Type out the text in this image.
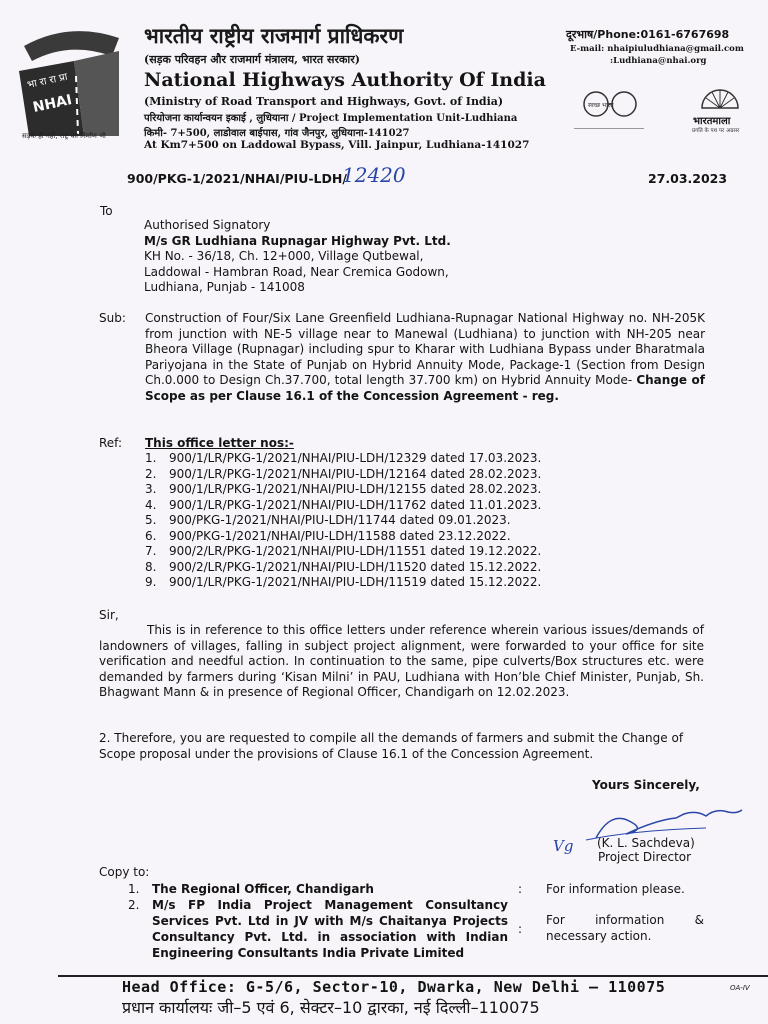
भा रा रा प्रा
NHAI
सड़कें ही नहीं, राष्ट्र का निर्माण भी
भारतीय राष्ट्रीय राजमार्ग प्राधिकरण
(सड़क परिवहन और राजमार्ग मंत्रालय, भारत सरकार)
National Highways Authority Of India
(Ministry of Road Transport and Highways, Govt. of India)
परियोजना कार्यान्वयन इकाई , लुधियाना / Project Implementation Unit-Ludhiana
किमी- 7+500, लाडोवाल बाईपास, गांव जैनपुर, लुधियाना-141027
At Km7+500 on Laddowal Bypass, Vill. Jainpur, Ludhiana-141027
दूरभाष/Phone:0161-6767698
E-mail: nhaipiuludhiana@gmail.com
:Ludhiana@nhai.org
स्वच्छ भारत
भारतमाला
प्रगति के पथ पर अग्रसर
900/PKG-1/2021/NHAI/PIU-LDH/
12420	27.03.2023
To
Authorised Signatory
M/s GR Ludhiana Rupnagar Highway Pvt. Ltd.
KH No. - 36/18, Ch. 12+000, Village Qutbewal,
Laddowal - Hambran Road, Near Cremica Godown,
Ludhiana, Punjab - 141008
Sub: Construction of Four/Six Lane Greenfield Ludhiana-Rupnagar National Highway no. NH-205K from junction with NE-5 village near to Manewal (Ludhiana) to junction with NH-205 near Bheora Village (Rupnagar) including spur to Kharar with Ludhiana Bypass under Bharatmala Pariyojana in the State of Punjab on Hybrid Annuity Mode, Package-1 (Section from Design Ch.0.000 to Design Ch.37.700, total length 37.700 km) on Hybrid Annuity Mode- Change of Scope as per Clause 16.1 of the Concession Agreement - reg.
Ref: This office letter nos:-
1. 900/1/LR/PKG-1/2021/NHAI/PIU-LDH/12329 dated 17.03.2023.
2. 900/1/LR/PKG-1/2021/NHAI/PIU-LDH/12164 dated 28.02.2023.
3. 900/1/LR/PKG-1/2021/NHAI/PIU-LDH/12155 dated 28.02.2023.
4. 900/1/LR/PKG-1/2021/NHAI/PIU-LDH/11762 dated 11.01.2023.
5. 900/PKG-1/2021/NHAI/PIU-LDH/11744 dated 09.01.2023.
6. 900/PKG-1/2021/NHAI/PIU-LDH/11588 dated 23.12.2022.
7. 900/2/LR/PKG-1/2021/NHAI/PIU-LDH/11551 dated 19.12.2022.
8. 900/2/LR/PKG-1/2021/NHAI/PIU-LDH/11520 dated 15.12.2022.
9. 900/1/LR/PKG-1/2021/NHAI/PIU-LDH/11519 dated 15.12.2022.
Sir,
This is in reference to this office letters under reference wherein various issues/demands of landowners of villages, falling in subject project alignment, were forwarded to your office for site verification and needful action. In continuation to the same, pipe culverts/Box structures etc. were demanded by farmers during ‘Kisan Milni’ in PAU, Ludhiana with Hon’ble Chief Minister, Punjab, Sh. Bhagwant Mann & in presence of Regional Officer, Chandigarh on 12.02.2023.
2. Therefore, you are requested to compile all the demands of farmers and submit the Change of Scope proposal under the provisions of Clause 16.1 of the Concession Agreement.
Yours Sincerely,
Vg (K. L. Sachdeva)
Project Director
Copy to:
1. The Regional Officer, Chandigarh	: For information please.
2. M/s FP India Project Management Consultancy Services Pvt. Ltd in JV with M/s Chaitanya Projects Consultancy Pvt. Ltd. in association with Indian Engineering Consultants India Private Limited
:
For information & necessary action.
Head Office: G-5/6, Sector-10, Dwarka, New Delhi – 110075
प्रधान कार्यालयः जी–5 एवं 6, सेक्टर–10 द्वारका, नई दिल्ली–110075
OA-IV
